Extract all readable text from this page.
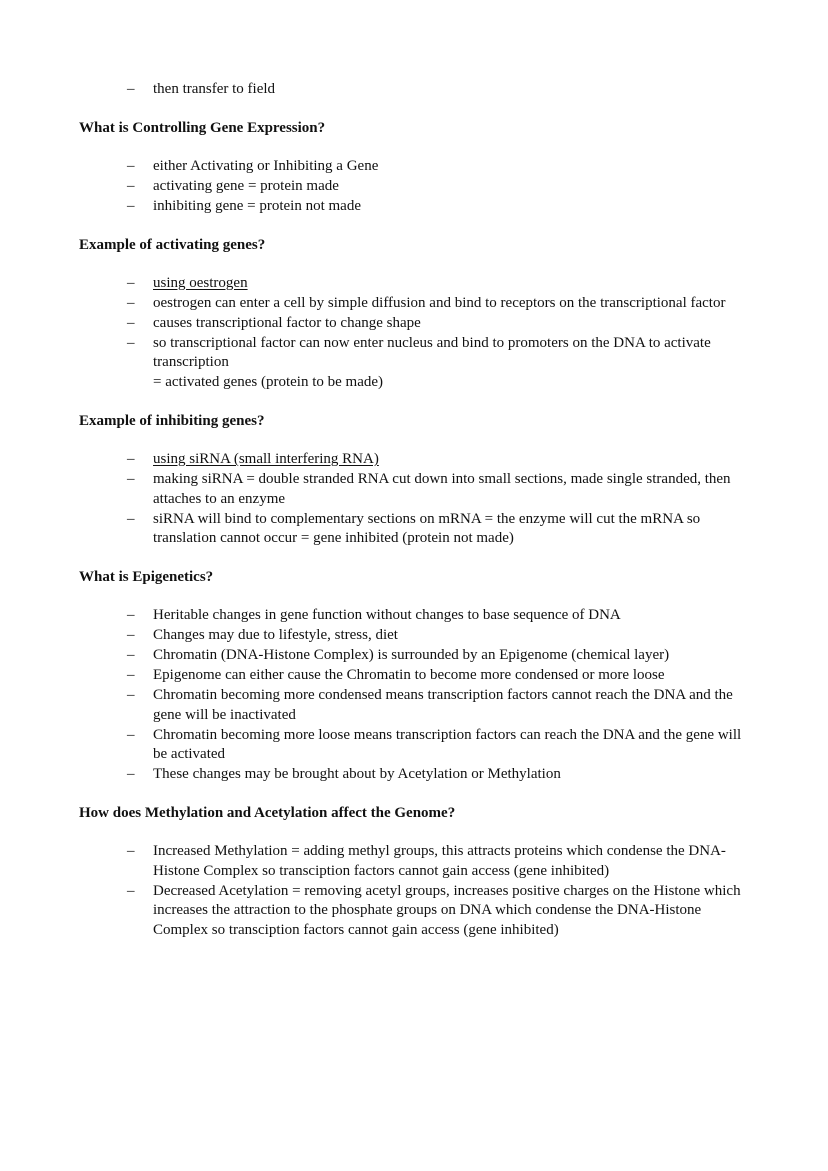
– then transfer to field
What is Controlling Gene Expression?
– either Activating or Inhibiting a Gene
– activating gene = protein made
– inhibiting gene = protein not made
Example of activating genes?
– using oestrogen
– oestrogen can enter a cell by simple diffusion and bind to receptors on the transcriptional factor
– causes transcriptional factor to change shape
– so transcriptional factor can now enter nucleus and bind to promoters on the DNA to activate transcription
= activated genes (protein to be made)
Example of inhibiting genes?
– using siRNA (small interfering RNA)
– making siRNA = double stranded RNA cut down into small sections, made single stranded, then attaches to an enzyme
– siRNA will bind to complementary sections on mRNA = the enzyme will cut the mRNA so translation cannot occur = gene inhibited (protein not made)
What is Epigenetics?
– Heritable changes in gene function without changes to base sequence of DNA
– Changes may due to lifestyle, stress, diet
– Chromatin (DNA-Histone Complex) is surrounded by an Epigenome (chemical layer)
– Epigenome can either cause the Chromatin to become more condensed or more loose
– Chromatin becoming more condensed means transcription factors cannot reach the DNA and the gene will be inactivated
– Chromatin becoming more loose means transcription factors can reach the DNA and the gene will be activated
– These changes may be brought about by Acetylation or Methylation
How does Methylation and Acetylation affect the Genome?
– Increased Methylation = adding methyl groups, this attracts proteins which condense the DNA-Histone Complex so transciption factors cannot gain access (gene inhibited)
– Decreased Acetylation = removing acetyl groups, increases positive charges on the Histone which increases the attraction to the phosphate groups on DNA which condense the DNA-Histone Complex so transciption factors cannot gain access (gene inhibited)
